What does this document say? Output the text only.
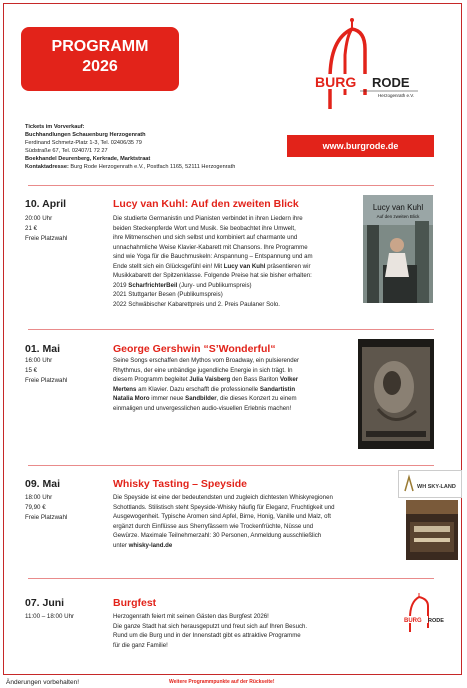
PROGRAMM
2026
Tickets im Vorverkauf:
Buchhandlungen Schauenburg Herzogenrath
Ferdinand Schmetz-Platz 1-3, Tel. 02406/35 79
Südstraße 67, Tel. 02407/1 72 27
Boekhandel Deurenberg, Kerkrade, Marktstraat
Kontaktadresse: Burg Rode Herzogenrath e.V., Postfach 1165, 52111 Herzogenrath
BURG RODE
Herzogenrath e.V.
www.burgrode.de
10. April
20:00 Uhr
21 €
Freie Platzwahl
Lucy van Kuhl: Auf den zweiten Blick
Die studierte Germanistin und Pianisten verbindet in ihren Liedern ihre
beiden Steckenpferde Wort und Musik. Sie beobachtet ihre Umwelt,
ihre Mitmenschen und sich selbst und kombiniert auf charmante und
unnachahmliche Weise Klavier-Kabarett mit Chansons. Ihre Programme
sind wie Yoga für die Bauchmuskeln: Anspannung – Entspannung und am
Ende stellt sich ein Glücksgefühl ein! Mit Lucy van Kuhl präsentieren wir
Musikkabarett der Spitzenklasse. Folgende Preise hat sie bisher erhalten:
2019 ScharfrichterBeil (Jury- und Publikumspreis)
2021 Stuttgarter Besen (Publikumspreis)
2022 Schwäbischer Kabarettpreis und 2. Preis Paulaner Solo.
Lucy van Kuhl
Auf den zweiten Blick
01. Mai
16:00 Uhr
15 €
Freie Platzwahl
George Gershwin “S’Wonderful“
Seine Songs erschaffen den Mythos vom Broadway, ein pulsierender
Rhythmus, der eine unbändige jugendliche Energie in sich trägt. In
diesem Programm begleitet Julia Vaisberg den Bass Bariton Volker
Mertens am Klavier. Dazu erschafft die professionelle Sandartistin
Natalia Moro immer neue Sandbilder, die dieses Konzert zu einem
einmaligen und unvergesslichen audio-visuellen Erlebnis machen!
09. Mai
18:00 Uhr
79,90 €
Freie Platzwahl
Whisky Tasting – Speyside
Die Speyside ist eine der bedeutendsten und zugleich dichtesten Whiskyregionen
Schottlands. Stilistisch steht Speyside-Whisky häufig für Eleganz, Fruchtigkeit und
Ausgewogenheit. Typische Aromen sind Apfel, Birne, Honig, Vanille und Malz, oft
ergänzt durch Einflüsse aus Sherryfässern wie Trockenfrüchte, Nüsse und
Gewürze. Maximale Teilnehmerzahl: 30 Personen, Anmeldung ausschließlich
unter whisky-land.de
WH SKY-LAND
07. Juni
11:00 – 18:00 Uhr
Burgfest
Herzogenrath feiert mit seinen Gästen das Burgfest 2026!
Die ganze Stadt hat sich herausgeputzt und freut sich auf Ihren Besuch.
Rund um die Burg und in der Innenstadt gibt es attraktive Programme
für die ganz Familie!
BURG RODE
Änderungen vorbehalten!	Weitere Programmpunkte auf der Rückseite!
